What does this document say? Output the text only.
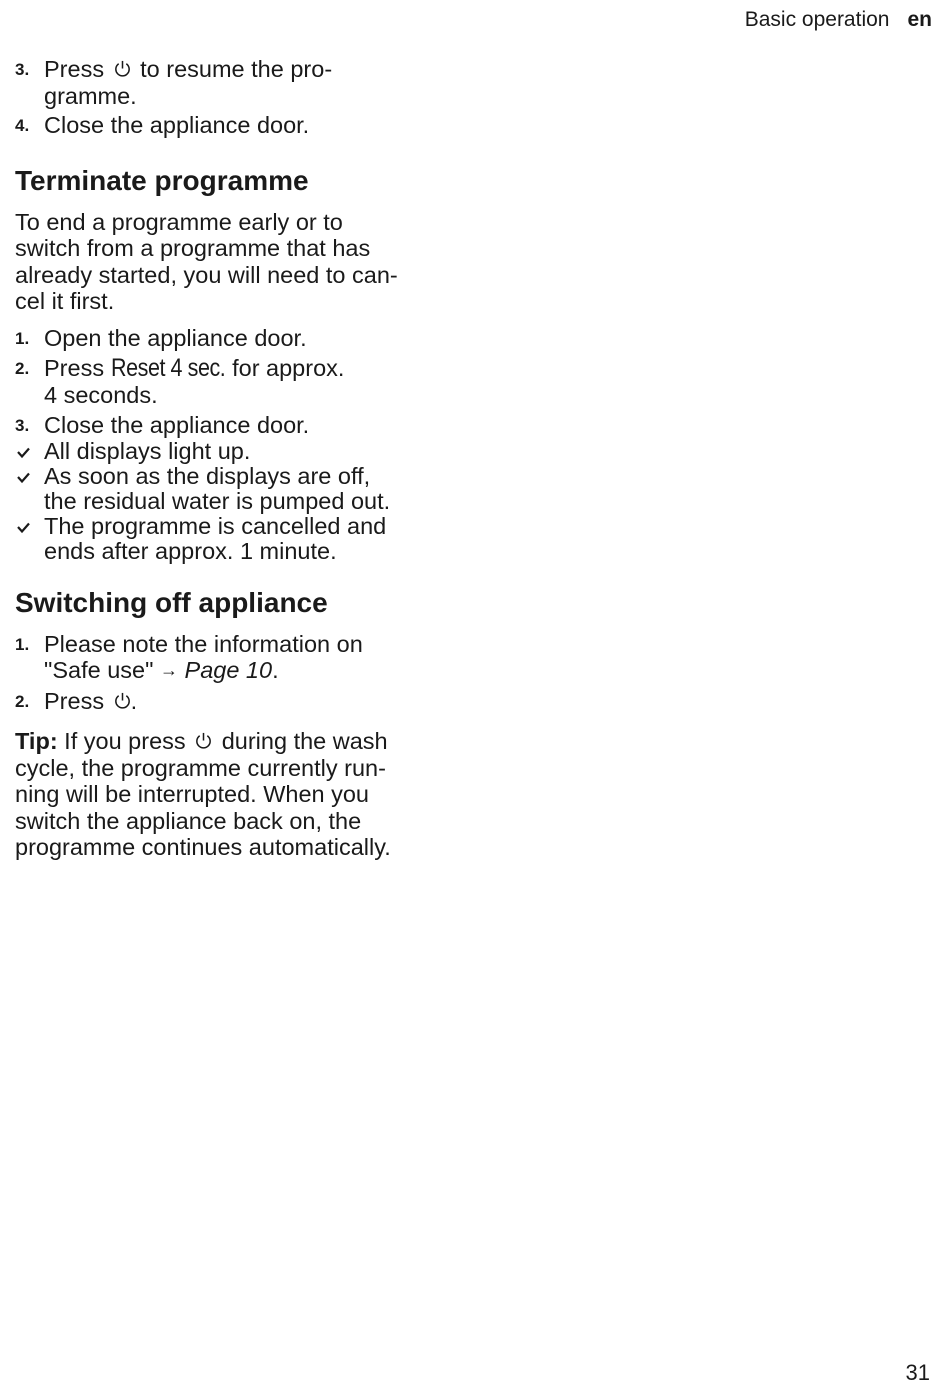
Basic operation en
3. Press to resume the pro-
gramme.
4. Close the appliance door.
Terminate programme
To end a programme early or to
switch from a programme that has
already started, you will need to can-
cel it first.
1. Open the appliance door.
2. Press Reset 4 sec. for approx.
4 seconds.
3. Close the appliance door.
All displays light up.
As soon as the displays are off,
the residual water is pumped out.
The programme is cancelled and
ends after approx. 1 minute.
Switching off appliance
1. Please note the information on
"Safe use" → Page 10.
2. Press .
Tip: If you press during the wash
cycle, the programme currently run-
ning will be interrupted. When you
switch the appliance back on, the
programme continues automatically.
31
